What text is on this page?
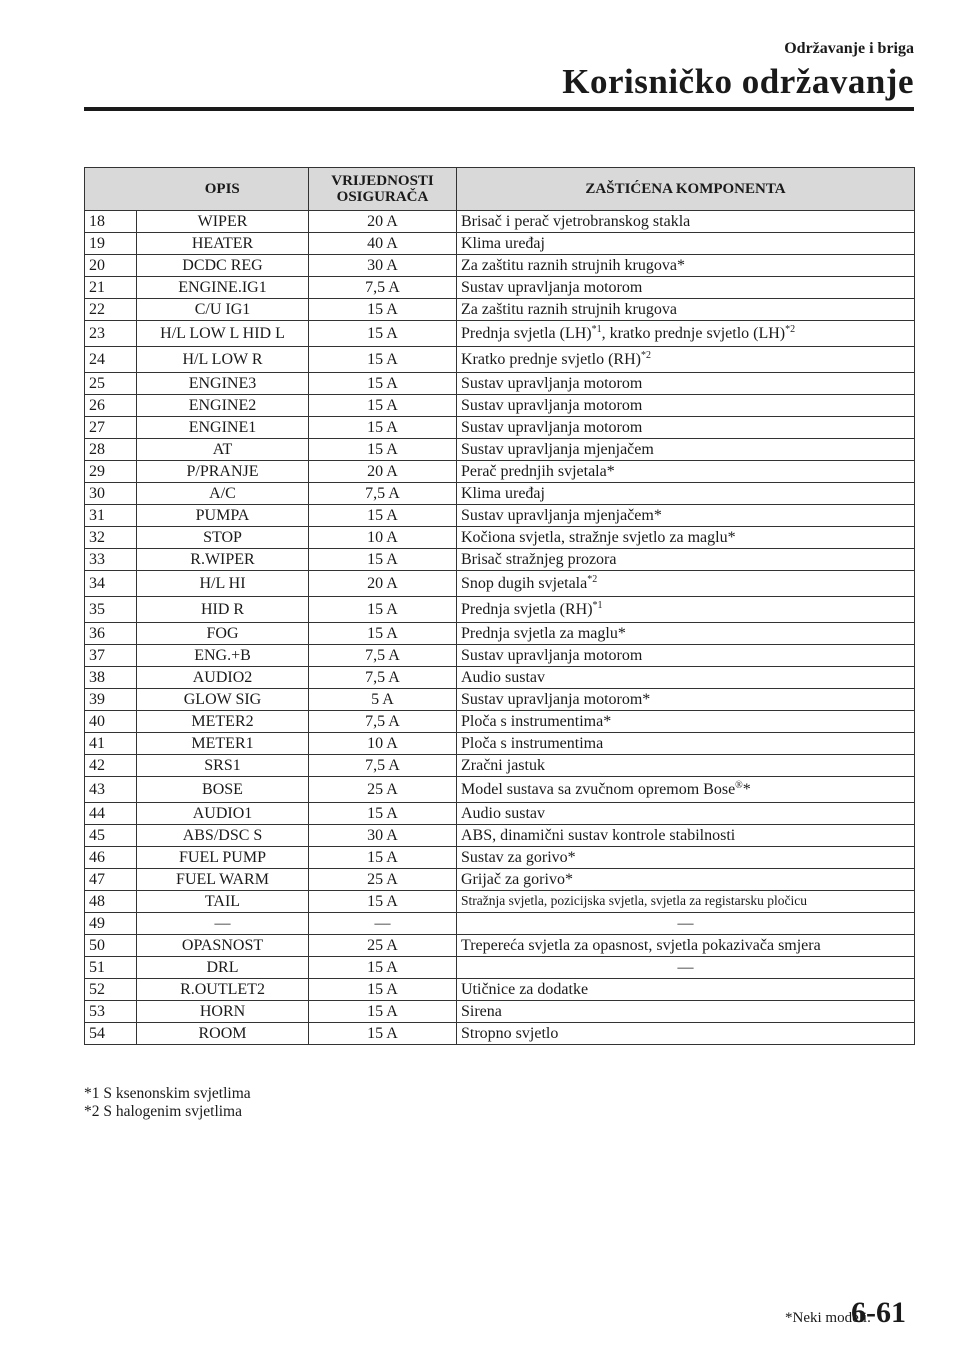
Održavanje i briga
Korisničko održavanje
	OPIS	VRIJEDNOSTI OSIGURAČA	ZAŠTIĆENA KOMPONENTA
18	WIPER	20 A	Brisač i perač vjetrobranskog stakla
19	HEATER	40 A	Klima uređaj
20	DCDC REG	30 A	Za zaštitu raznih strujnih krugova*
21	ENGINE.IG1	7,5 A	Sustav upravljanja motorom
22	C/U IG1	15 A	Za zaštitu raznih strujnih krugova
23	H/L LOW L HID L	15 A	Prednja svjetla (LH)$^{*1}$, kratko prednje svjetlo (LH)$^{*2}$
24	H/L LOW R	15 A	Kratko prednje svjetlo (RH)$^{*2}$
25	ENGINE3	15 A	Sustav upravljanja motorom
26	ENGINE2	15 A	Sustav upravljanja motorom
27	ENGINE1	15 A	Sustav upravljanja motorom
28	AT	15 A	Sustav upravljanja mjenjačem
29	P/PRANJE	20 A	Perač prednjih svjetala*
30	A/C	7,5 A	Klima uređaj
31	PUMPA	15 A	Sustav upravljanja mjenjačem*
32	STOP	10 A	Kočiona svjetla, stražnje svjetlo za maglu*
33	R.WIPER	15 A	Brisač stražnjeg prozora
34	H/L HI	20 A	Snop dugih svjetala$^{*2}$
35	HID R	15 A	Prednja svjetla (RH)$^{*1}$
36	FOG	15 A	Prednja svjetla za maglu*
37	ENG.+B	7,5 A	Sustav upravljanja motorom
38	AUDIO2	7,5 A	Audio sustav
39	GLOW SIG	5 A	Sustav upravljanja motorom*
40	METER2	7,5 A	Ploča s instrumentima*
41	METER1	10 A	Ploča s instrumentima
42	SRS1	7,5 A	Zračni jastuk
43	BOSE	25 A	Model sustava sa zvučnom opremom Bose®*
44	AUDIO1	15 A	Audio sustav
45	ABS/DSC S	30 A	ABS, dinamični sustav kontrole stabilnosti
46	FUEL PUMP	15 A	Sustav za gorivo*
47	FUEL WARM	25 A	Grijač za gorivo*
48	TAIL	15 A	Stražnja svjetla, pozicijska svjetla, svjetla za registarsku pločicu
49	—	—	—
50	OPASNOST	25 A	Trepereća svjetla za opasnost, svjetla pokazivača smjera
51	DRL	15 A	—
52	R.OUTLET2	15 A	Utičnice za dodatke
53	HORN	15 A	Sirena
54	ROOM	15 A	Stropno svjetlo
*1 S ksenonskim svjetlima
*2 S halogenim svjetlima
*Neki modeli.
6-61
